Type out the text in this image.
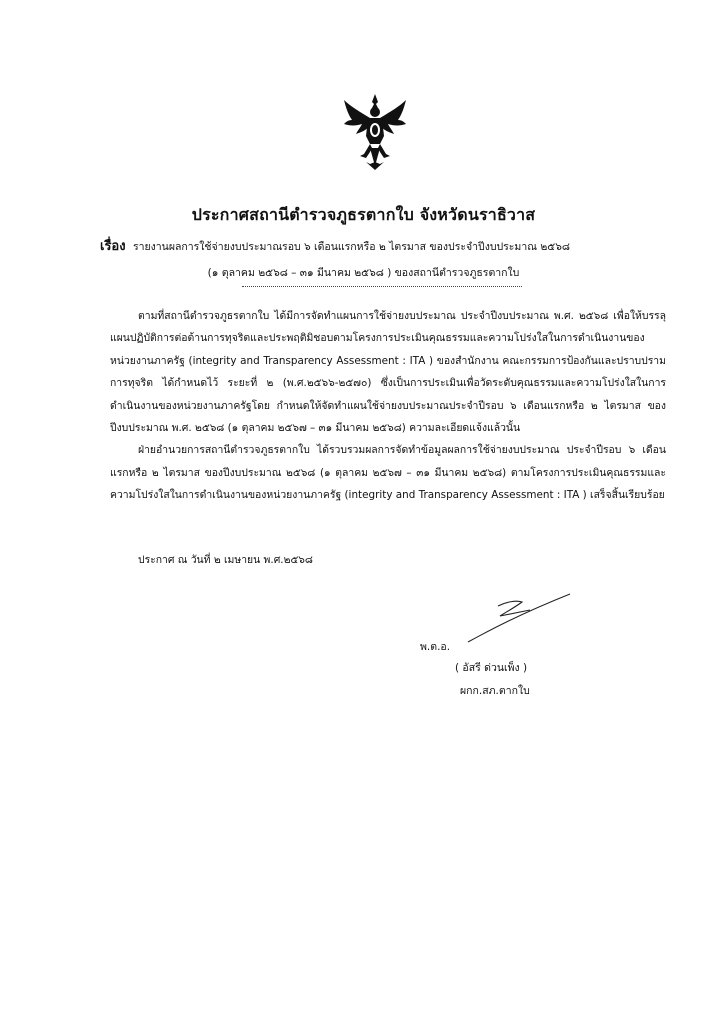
ประกาศสถานีตำรวจภูธรตากใบ จังหวัดนราธิวาส
เรื่อง รายงานผลการใช้จ่ายงบประมาณรอบ ๖ เดือนแรกหรือ ๒ ไตรมาส ของประจำปีงบประมาณ ๒๕๖๘
(๑ ตุลาคม ๒๕๖๘ – ๓๑ มีนาคม ๒๕๖๘ ) ของสถานีตำรวจภูธรตากใบ

ตามที่สถานีตำรวจภูธรตากใบ ได้มีการจัดทำแผนการใช้จ่ายงบประมาณ ประจำปีงบประมาณ พ.ศ. ๒๕๖๘ เพื่อให้บรรลุแผนปฏิบัติการต่อต้านการทุจริตและประพฤติมิชอบตามโครงการประเมินคุณธรรมและความโปร่งใสในการดำเนินงานของหน่วยงานภาครัฐ (integrity and Transparency Assessment : ITA ) ของสำนักงาน คณะกรรมการป้องกันและปราบปรามการทุจริต ได้กำหนดไว้ ระยะที่ ๒ (พ.ศ.๒๕๖๖-๒๕๗๐) ซึ่งเป็นการประเมินเพื่อวัดระดับคุณธรรมและความโปร่งใสในการดำเนินงานของหน่วยงานภาครัฐโดย กำหนดให้จัดทำแผนใช้จ่ายงบประมาณประจำปีรอบ ๖ เดือนแรกหรือ ๒ ไตรมาส ของปีงบประมาณ พ.ศ. ๒๕๖๘ (๑ ตุลาคม ๒๕๖๗ – ๓๑ มีนาคม ๒๕๖๘) ความละเอียดแจ้งแล้วนั้น

ฝ่ายอำนวยการสถานีตำรวจภูธรตากใบ ได้รวบรวมผลการจัดทำข้อมูลผลการใช้จ่ายงบประมาณ ประจำปีรอบ ๖ เดือนแรกหรือ ๒ ไตรมาส ของปีงบประมาณ ๒๕๖๘ (๑ ตุลาคม ๒๕๖๗ – ๓๑ มีนาคม ๒๕๖๘) ตามโครงการประเมินคุณธรรมและความโปร่งใสในการดำเนินงานของหน่วยงานภาครัฐ (integrity and Transparency Assessment : ITA ) เสร็จสิ้นเรียบร้อย

ประกาศ ณ วันที่ ๒ เมษายน พ.ศ.๒๕๖๘
พ.ต.อ.
( อัสรี ด่วนเพ็ง )
ผกก.สภ.ตากใบ
